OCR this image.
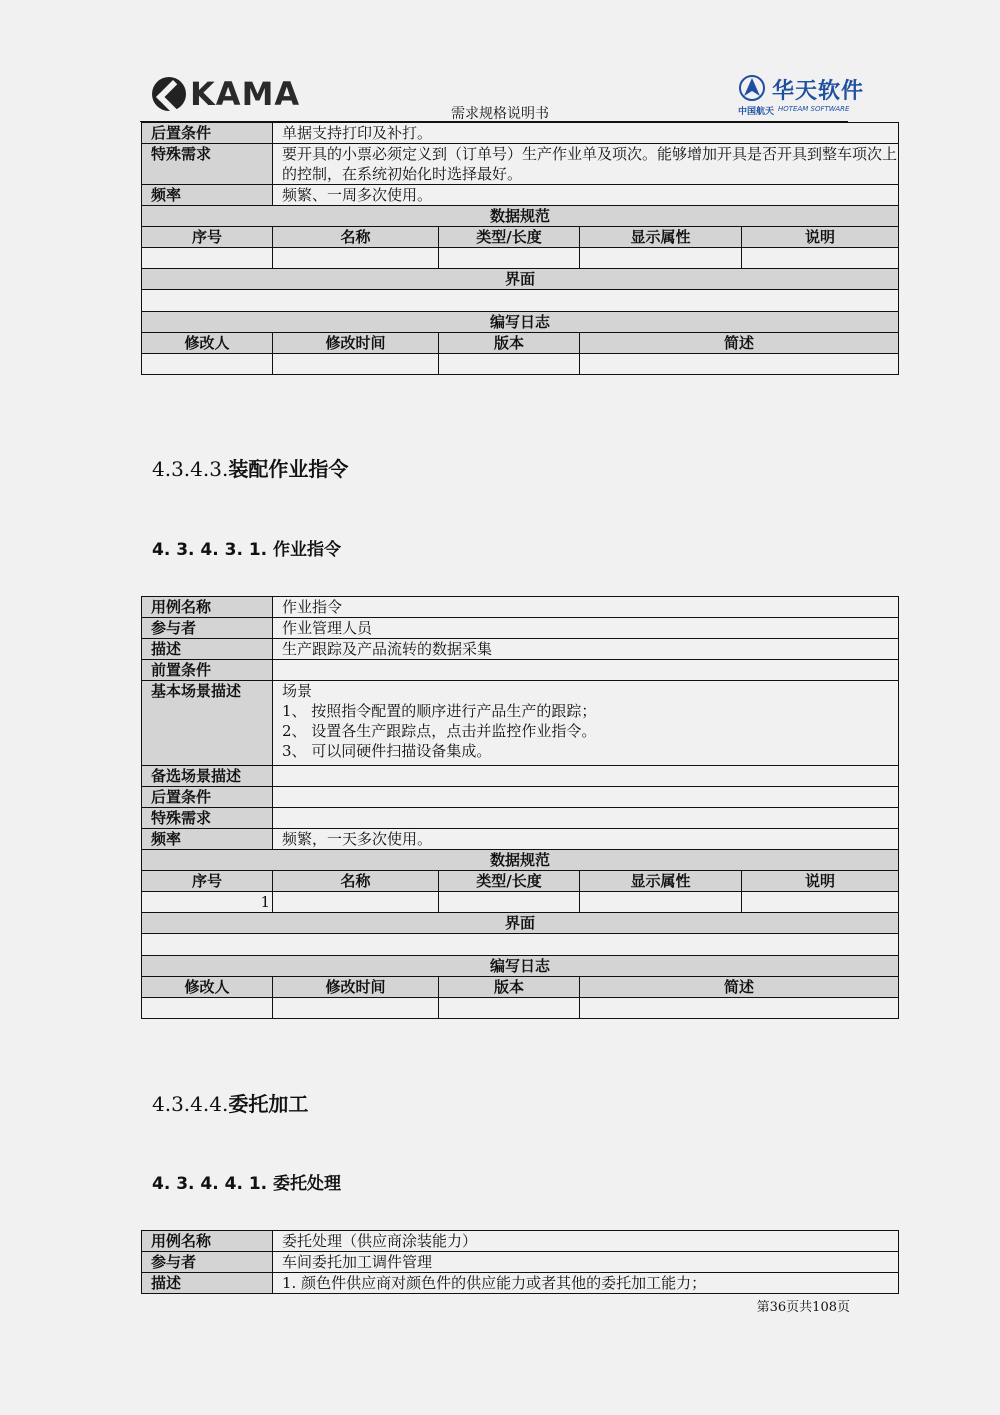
KAMA	华天软件
中国航天 HOTEAM SOFTWARE
需求规格说明书
后置条件	单据支持打印及补打。			
特殊需求	要开具的小票必须定义到（订单号）生产作业单及项次。能够增加开具是否开具到整车项次上的控制，在系统初始化时选择最好。			
频率	频繁、一周多次使用。			
数据规范				
序号	名称	类型/长度	显示属性	说明

界面				

编写日志				
修改人	修改时间	版本	简述	

4.3.4.3.装配作业指令
4. 3. 4. 3. 1. 作业指令
用例名称	作业指令			
参与者	作业管理人员			
描述	生产跟踪及产品流转的数据采集			
前置条件				
基本场景描述	场景
1、 按照指令配置的顺序进行产品生产的跟踪；
2、 设置各生产跟踪点，点击并监控作业指令。
3、 可以同硬件扫描设备集成。			

备选场景描述				
后置条件				
特殊需求				
频率	频繁，一天多次使用。			
数据规范				
序号	名称	类型/长度	显示属性	说明
1				
界面				

编写日志				
修改人	修改时间	版本	简述	

4.3.4.4.委托加工
4. 3. 4. 4. 1. 委托处理
用例名称	委托处理（供应商涂装能力）
参与者	车间委托加工调件管理
描述	1. 颜色件供应商对颜色件的供应能力或者其他的委托加工能力；
第36页共108页
